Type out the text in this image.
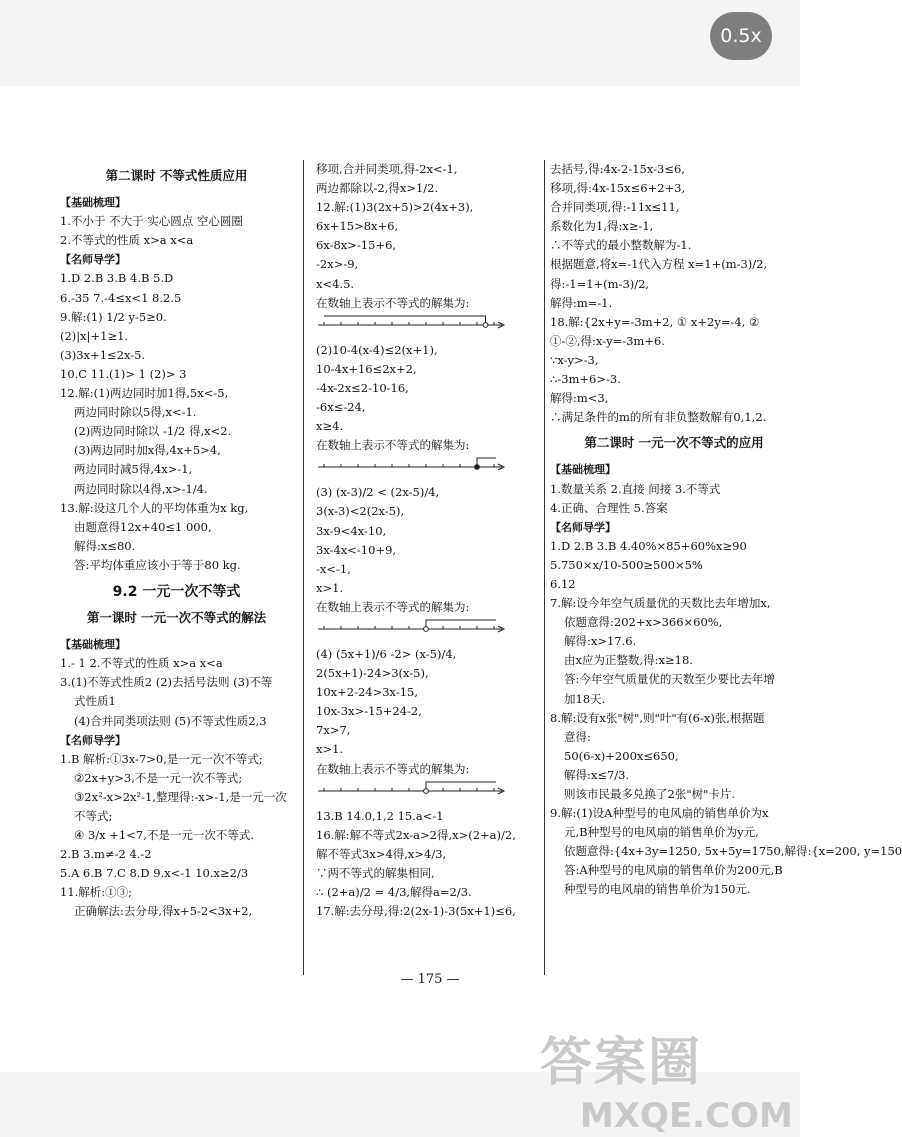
0.5x
第二课时 不等式性质应用
【基础梳理】
1.不小于 不大于 实心圆点 空心圆圈
2.不等式的性质 x>a x<a
【名师导学】
1.D 2.B 3.B 4.B 5.D
6.-35 7.-4≤x<1 8.2.5
9.解:(1) 1/2 y-5≥0.
(2)|x|+1≥1.
(3)3x+1≤2x-5.
10.C 11.(1)> 1 (2)> 3
12.解:(1)两边同时加1得,5x<-5,
两边同时除以5得,x<-1.
(2)两边同时除以 -1/2 得,x<2.
(3)两边同时加x得,4x+5>4,
两边同时减5得,4x>-1,
两边同时除以4得,x>-1/4.
13.解:设这几个人的平均体重为x kg,
由题意得12x+40≤1 000,
解得:x≤80.
答:平均体重应该小于等于80 kg.
9.2 一元一次不等式
第一课时 一元一次不等式的解法
【基础梳理】
1.- 1 2.不等式的性质 x>a x<a
3.(1)不等式性质2 (2)去括号法则 (3)不等
式性质1
(4)合并同类项法则 (5)不等式性质2,3
【名师导学】
1.B 解析:①3x-7>0,是一元一次不等式;
②2x+y>3,不是一元一次不等式;
③2x²-x>2x²-1,整理得:-x>-1,是一元一次
不等式;
④ 3/x +1<7,不是一元一次不等式.
2.B 3.m≠-2 4.-2
5.A 6.B 7.C 8.D 9.x<-1 10.x≥2/3
11.解析:①③;
正确解法:去分母,得x+5-2<3x+2,
移项,合并同类项,得-2x<-1,
两边都除以-2,得x>1/2.
12.解:(1)3(2x+5)>2(4x+3),
6x+15>8x+6,
6x-8x>-15+6,
-2x>-9,
x<4.5.
在数轴上表示不等式的解集为:
(2)10-4(x-4)≤2(x+1),
10-4x+16≤2x+2,
-4x-2x≤2-10-16,
-6x≤-24,
x≥4.
在数轴上表示不等式的解集为:
(3) (x-3)/2 < (2x-5)/4,
3(x-3)<2(2x-5),
3x-9<4x-10,
3x-4x<-10+9,
-x<-1,
x>1.
在数轴上表示不等式的解集为:
(4) (5x+1)/6 -2> (x-5)/4,
2(5x+1)-24>3(x-5),
10x+2-24>3x-15,
10x-3x>-15+24-2,
7x>7,
x>1.
在数轴上表示不等式的解集为:
13.B 14.0,1,2 15.a<-1
16.解:解不等式2x-a>2得,x>(2+a)/2,
解不等式3x>4得,x>4/3,
∵两不等式的解集相同,
∴ (2+a)/2 = 4/3,解得a=2/3.
17.解:去分母,得:2(2x-1)-3(5x+1)≤6,
去括号,得:4x-2-15x-3≤6,
移项,得:4x-15x≤6+2+3,
合并同类项,得:-11x≤11,
系数化为1,得:x≥-1,
∴不等式的最小整数解为-1.
根据题意,将x=-1代入方程 x=1+(m-3)/2,
得:-1=1+(m-3)/2,
解得:m=-1.
18.解:{2x+y=-3m+2, ① x+2y=-4, ②
①-②,得:x-y=-3m+6.
∵x-y>-3,
∴-3m+6>-3.
解得:m<3,
∴满足条件的m的所有非负整数解有0,1,2.
第二课时 一元一次不等式的应用
【基础梳理】
1.数量关系 2.直接 间接 3.不等式
4.正确、合理性 5.答案
【名师导学】
1.D 2.B 3.B 4.40%×85+60%x≥90
5.750×x/10-500≥500×5%
6.12
7.解:设今年空气质量优的天数比去年增加x,
依题意得:202+x>366×60%,
解得:x>17.6.
由x应为正整数,得:x≥18.
答:今年空气质量优的天数至少要比去年增
加18天.
8.解:设有x张"树",则"叶"有(6-x)张,根据题
意得:
50(6-x)+200x≤650,
解得:x≤7/3.
则该市民最多兑换了2张"树"卡片.
9.解:(1)设A种型号的电风扇的销售单价为x
元,B种型号的电风扇的销售单价为y元,
依题意得:{4x+3y=1250, 5x+5y=1750,解得:{x=200, y=150
答:A种型号的电风扇的销售单价为200元,B
种型号的电风扇的销售单价为150元.
— 175 —
答案圈
MXQE.COM
